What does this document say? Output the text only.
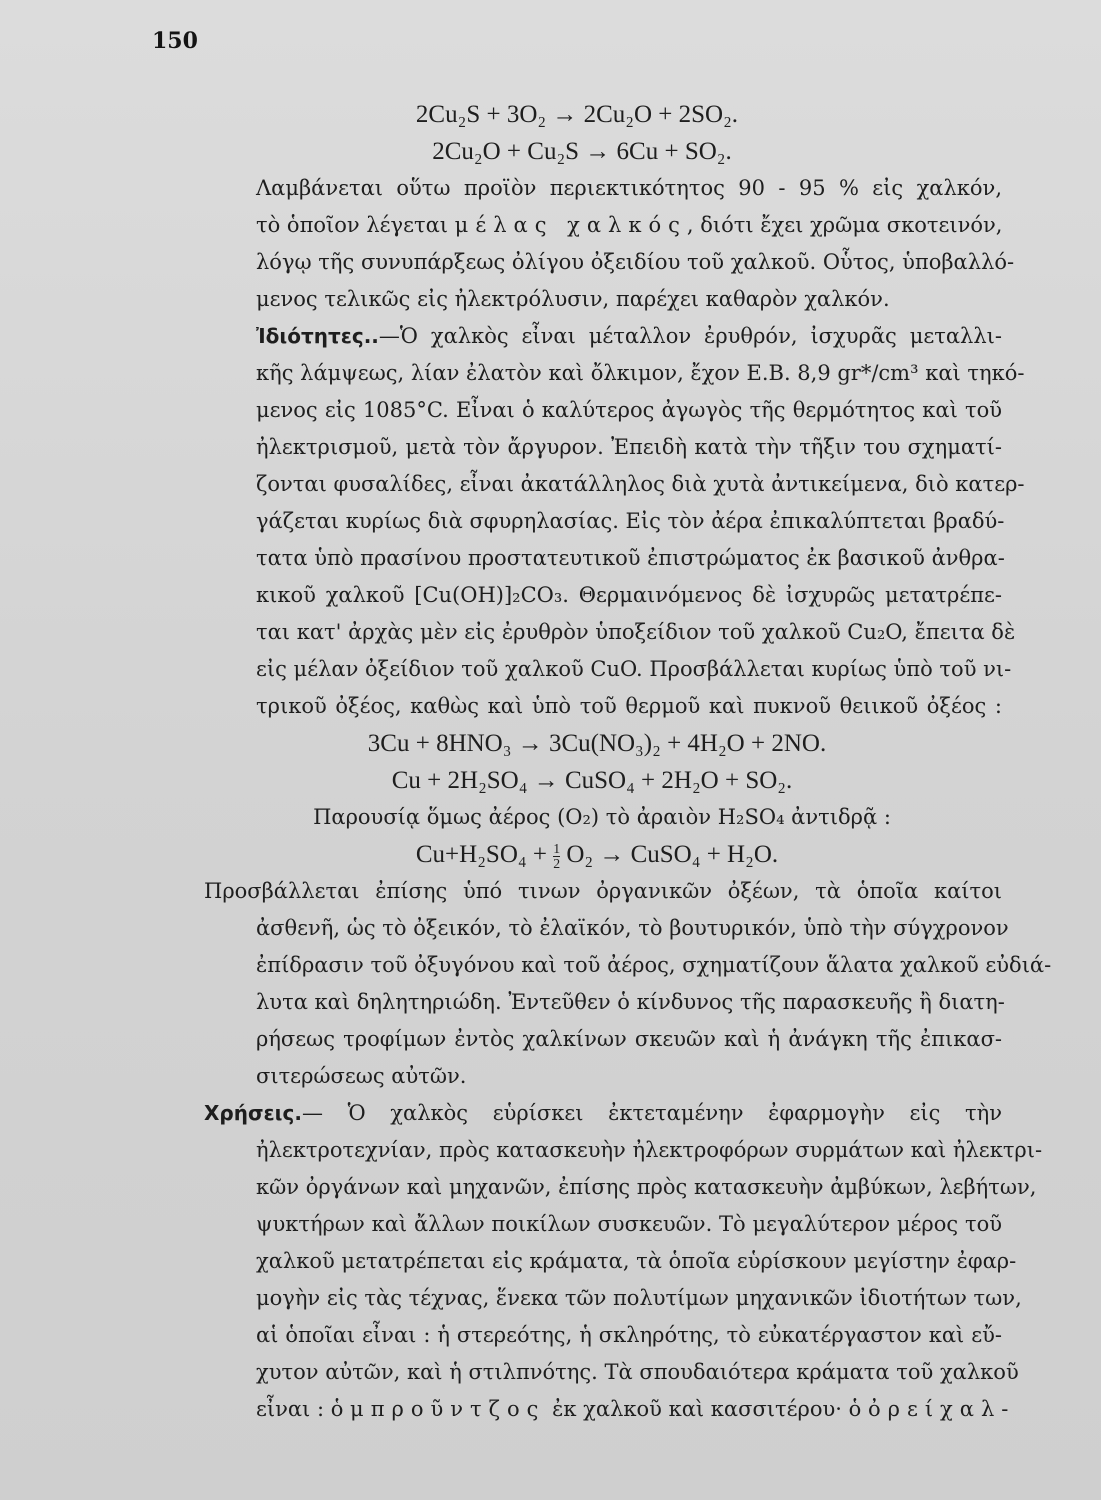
150
2Cu₂S + 3O₂ → 2Cu₂O + 2SO₂.
2Cu₂O + Cu₂S → 6Cu + SO₂.
Λαμβάνεται οὕτω προϊὸν περιεκτικότητος 90 - 95 % εἰς χαλκόν,
τὸ ὁποῖον λέγεται μέλας χαλκός, διότι ἔχει χρῶμα σκοτεινόν,
λόγῳ τῆς συνυπάρξεως ὀλίγου ὀξειδίου τοῦ χαλκοῦ. Οὗτος, ὑποβαλλό-
μενος τελικῶς εἰς ἠλεκτρόλυσιν, παρέχει καθαρὸν χαλκόν.
Ἰδιότητες..—Ὁ χαλκὸς εἶναι μέταλλον ἐρυθρόν, ἰσχυρᾶς μεταλλι-
κῆς λάμψεως, λίαν ἐλατὸν καὶ ὄλκιμον, ἔχον Ε.Β. 8,9 gr*/cm³ καὶ τηκό-
μενος εἰς 1085°C. Εἶναι ὁ καλύτερος ἀγωγὸς τῆς θερμότητος καὶ τοῦ
ἠλεκτρισμοῦ, μετὰ τὸν ἄργυρον. Ἐπειδὴ κατὰ τὴν τῆξιν του σχηματί-
ζονται φυσαλίδες, εἶναι ἀκατάλληλος διὰ χυτὰ ἀντικείμενα, διὸ κατερ-
γάζεται κυρίως διὰ σφυρηλασίας. Εἰς τὸν ἀέρα ἐπικαλύπτεται βραδύ-
τατα ὑπὸ πρασίνου προστατευτικοῦ ἐπιστρώματος ἐκ βασικοῦ ἀνθρα-
κικοῦ χαλκοῦ [Cu(OH)]₂CO₃. Θερμαινόμενος δὲ ἰσχυρῶς μετατρέπε-
ται κατ' ἀρχὰς μὲν εἰς ἐρυθρὸν ὑποξείδιον τοῦ χαλκοῦ Cu₂O, ἔπειτα δὲ
εἰς μέλαν ὀξείδιον τοῦ χαλκοῦ CuO. Προσβάλλεται κυρίως ὑπὸ τοῦ νι-
τρικοῦ ὀξέος, καθὼς καὶ ὑπὸ τοῦ θερμοῦ καὶ πυκνοῦ θειικοῦ ὀξέος :
3Cu + 8HNO₃ → 3Cu(NO₃)₂ + 4H₂O + 2NO.
Cu + 2H₂SO₄ → CuSO₄ + 2H₂O + SO₂.
Παρουσίᾳ ὅμως ἀέρος (O₂) τὸ ἀραιὸν H₂SO₄ ἀντιδρᾷ :
$Cu+H_2SO_4 + \frac{1}{2} O_2$ → CuSO₄ + H₂O.
Προσβάλλεται ἐπίσης ὑπό τινων ὀργανικῶν ὀξέων, τὰ ὁποῖα καίτοι
ἀσθενῆ, ὡς τὸ ὀξεικόν, τὸ ἐλαϊκόν, τὸ βουτυρικόν, ὑπὸ τὴν σύγχρονον
ἐπίδρασιν τοῦ ὀξυγόνου καὶ τοῦ ἀέρος, σχηματίζουν ἅλατα χαλκοῦ εὐδιά-
λυτα καὶ δηλητηριώδη. Ἐντεῦθεν ὁ κίνδυνος τῆς παρασκευῆς ἢ διατη-
ρήσεως τροφίμων ἐντὸς χαλκίνων σκευῶν καὶ ἡ ἀνάγκη τῆς ἐπικασ-
σιτερώσεως αὐτῶν.
Χρήσεις.— Ὁ χαλκὸς εὑρίσκει ἐκτεταμένην ἐφαρμογὴν εἰς τὴν
ἠλεκτροτεχνίαν, πρὸς κατασκευὴν ἠλεκτροφόρων συρμάτων καὶ ἠλεκτρι-
κῶν ὀργάνων καὶ μηχανῶν, ἐπίσης πρὸς κατασκευὴν ἀμβύκων, λεβήτων,
ψυκτήρων καὶ ἄλλων ποικίλων συσκευῶν. Τὸ μεγαλύτερον μέρος τοῦ
χαλκοῦ μετατρέπεται εἰς κράματα, τὰ ὁποῖα εὑρίσκουν μεγίστην ἐφαρ-
μογὴν εἰς τὰς τέχνας, ἕνεκα τῶν πολυτίμων μηχανικῶν ἰδιοτήτων των,
αἱ ὁποῖαι εἶναι : ἡ στερεότης, ἡ σκληρότης, τὸ εὐκατέργαστον καὶ εὔ-
χυτον αὐτῶν, καὶ ἡ στιλπνότης. Τὰ σπουδαιότερα κράματα τοῦ χαλκοῦ
εἶναι : ὁ μπροῦντζος ἐκ χαλκοῦ καὶ κασσιτέρου· ὁ ὀρείχαλ-
